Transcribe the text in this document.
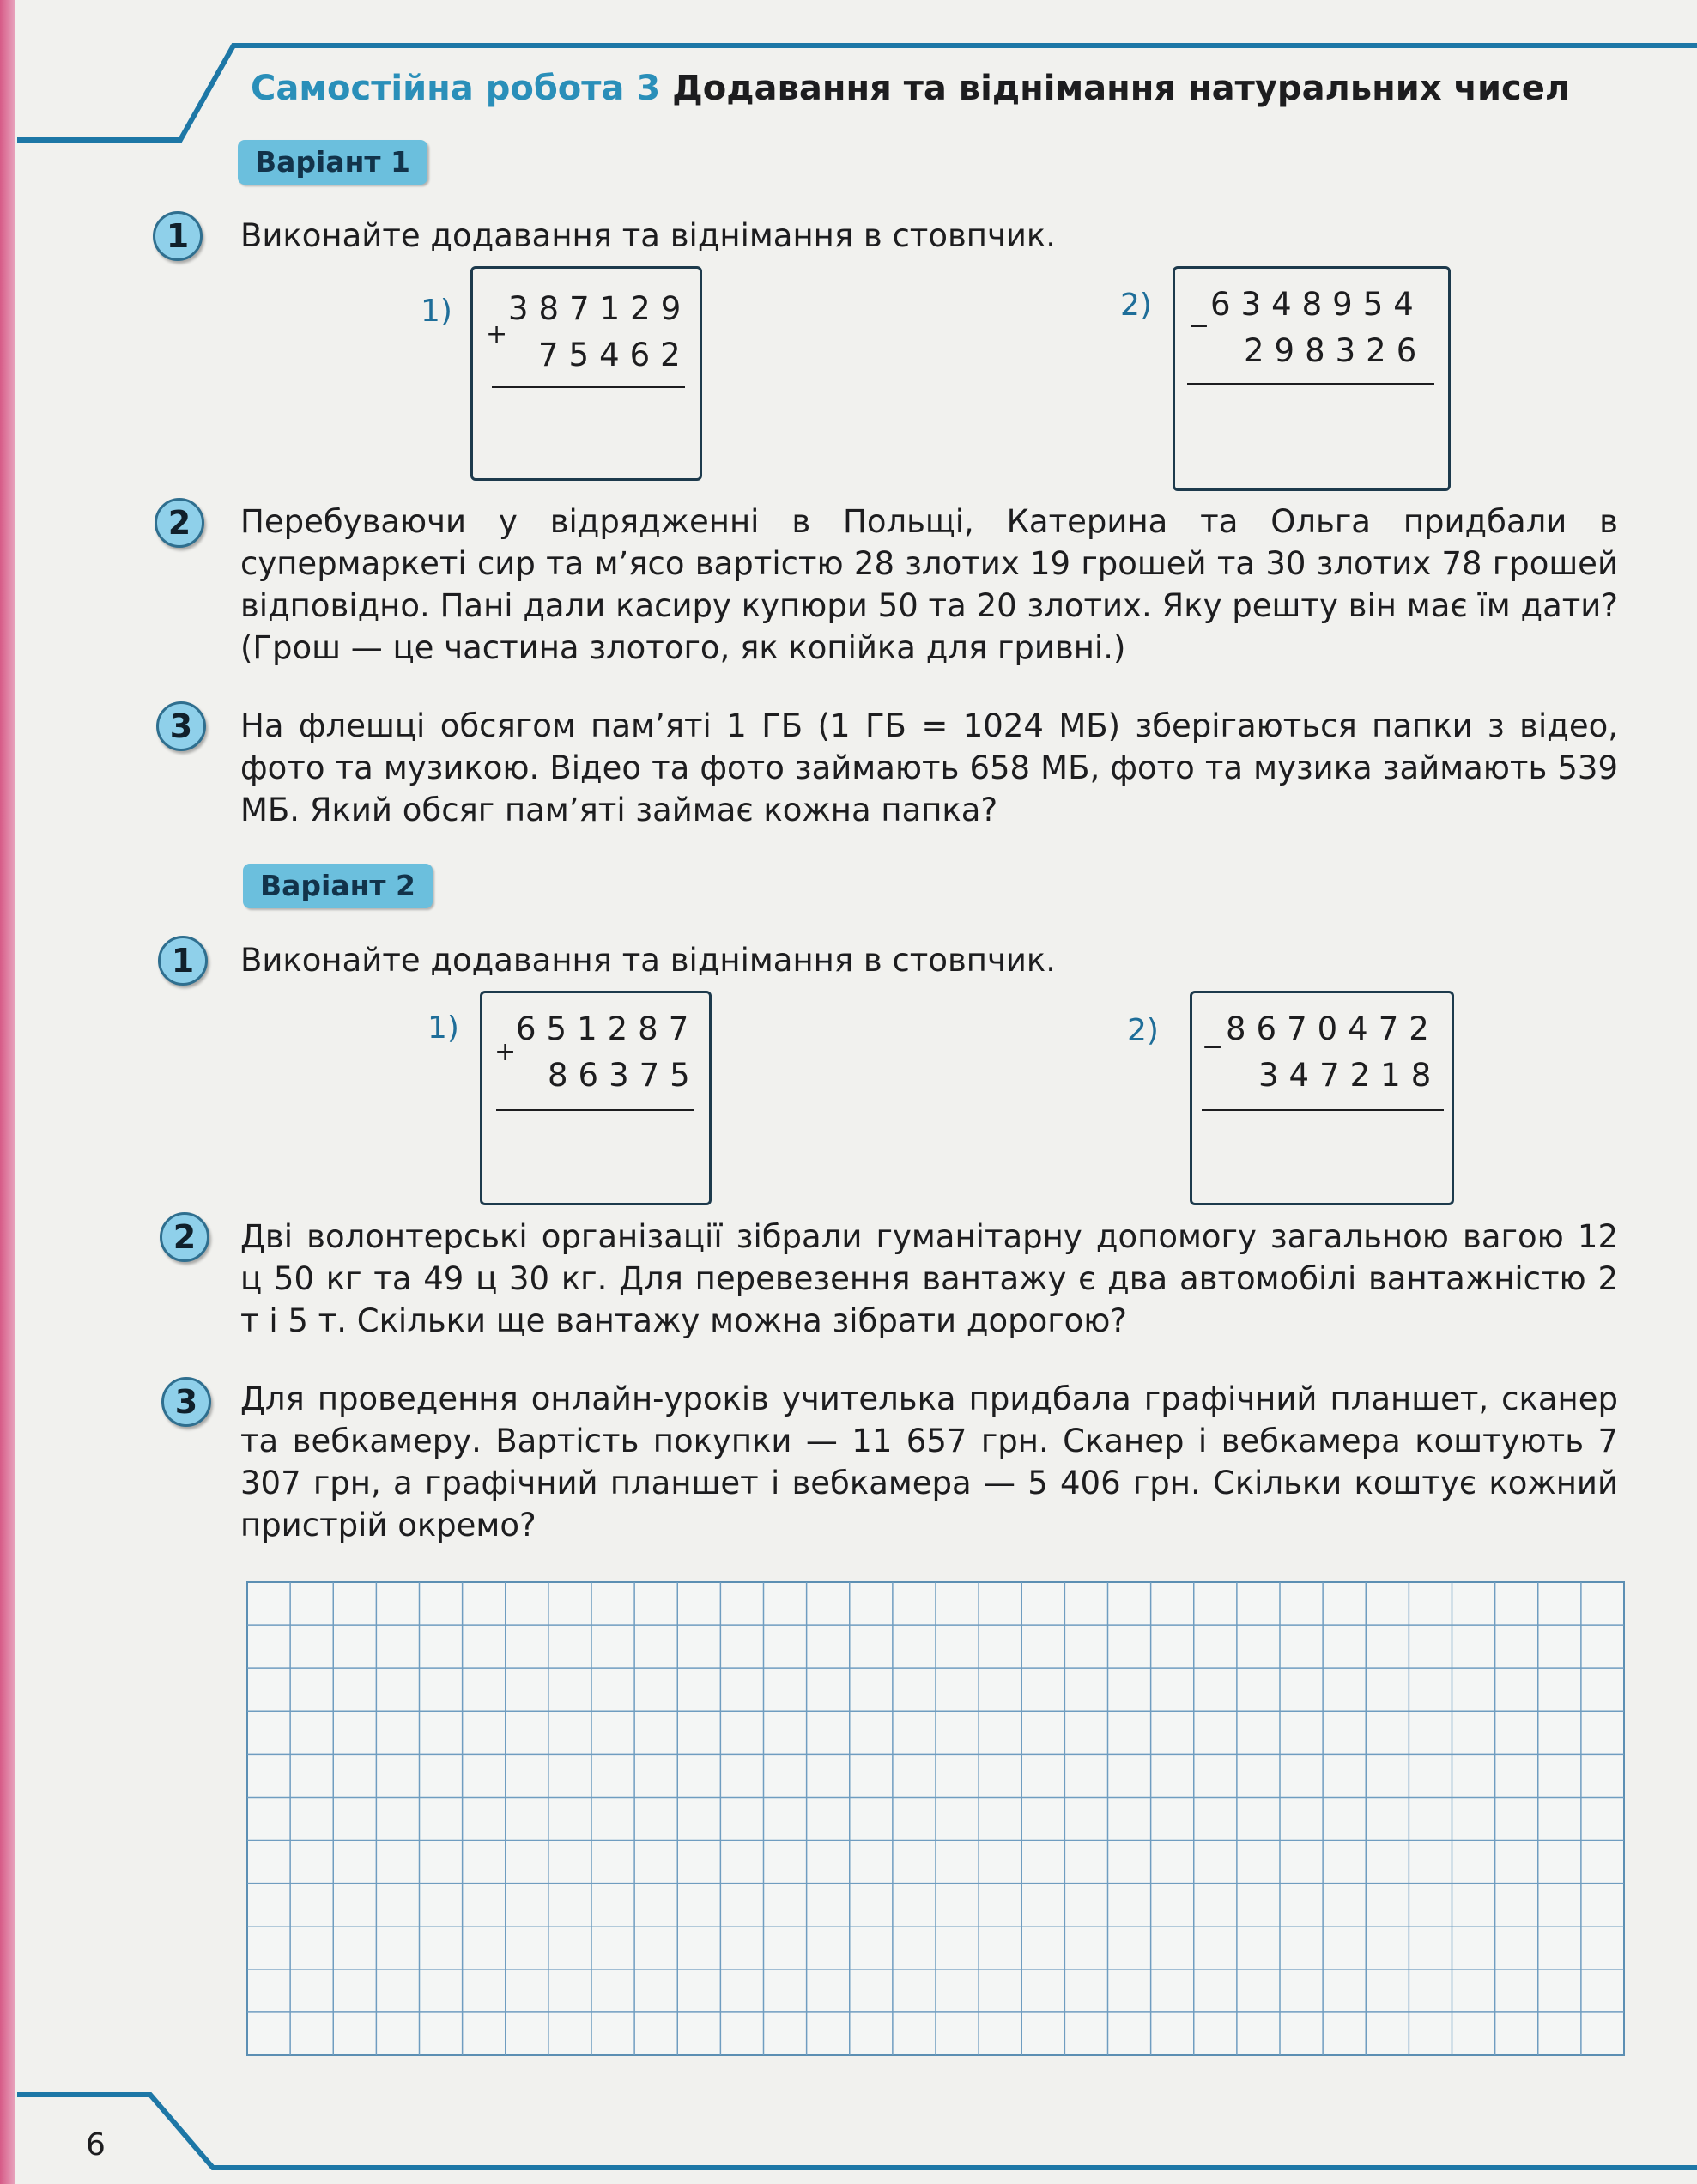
Самостійна робота 3 Додавання та віднімання натуральних чисел
Варіант 1
1	Виконайте додавання та віднімання в стовпчик.
1)
+
387129
75462
2)
−
6348954
298326
2	Перебуваючи у відрядженні в Польщі, Катерина та Ольга придбали в супермаркеті сир та м’ясо вартістю 28 злотих 19 грошей та 30 злотих 78 грошей відповідно. Пані дали касиру купюри 50 та 20 злотих. Яку решту він має їм дати? (Грош — це частина злотого, як копійка для гривні.)
3	На флешці обсягом пам’яті 1 ГБ (1 ГБ = 1024 МБ) зберігаються папки з відео, фото та музикою. Відео та фото займають 658 МБ, фото та музика займають 539 МБ. Який обсяг пам’яті займає кожна папка?
Варіант 2
1	Виконайте додавання та віднімання в стовпчик.
1)
+
651287
86375
2) − 8670472
347218
2	Дві волонтерські організації зібрали гуманітарну допомогу загальною вагою 12 ц 50 кг та 49 ц 30 кг. Для перевезення вантажу є два автомобілі вантажністю 2 т і 5 т. Скільки ще вантажу можна зібрати дорогою?
3	Для проведення онлайн-уроків учителька придбала графічний планшет, сканер та вебкамеру. Вартість покупки — 11 657 грн. Сканер і вебкамера коштують 7 307 грн, а графічний планшет і вебкамера — 5 406 грн. Скільки коштує кожний пристрій окремо?
6
